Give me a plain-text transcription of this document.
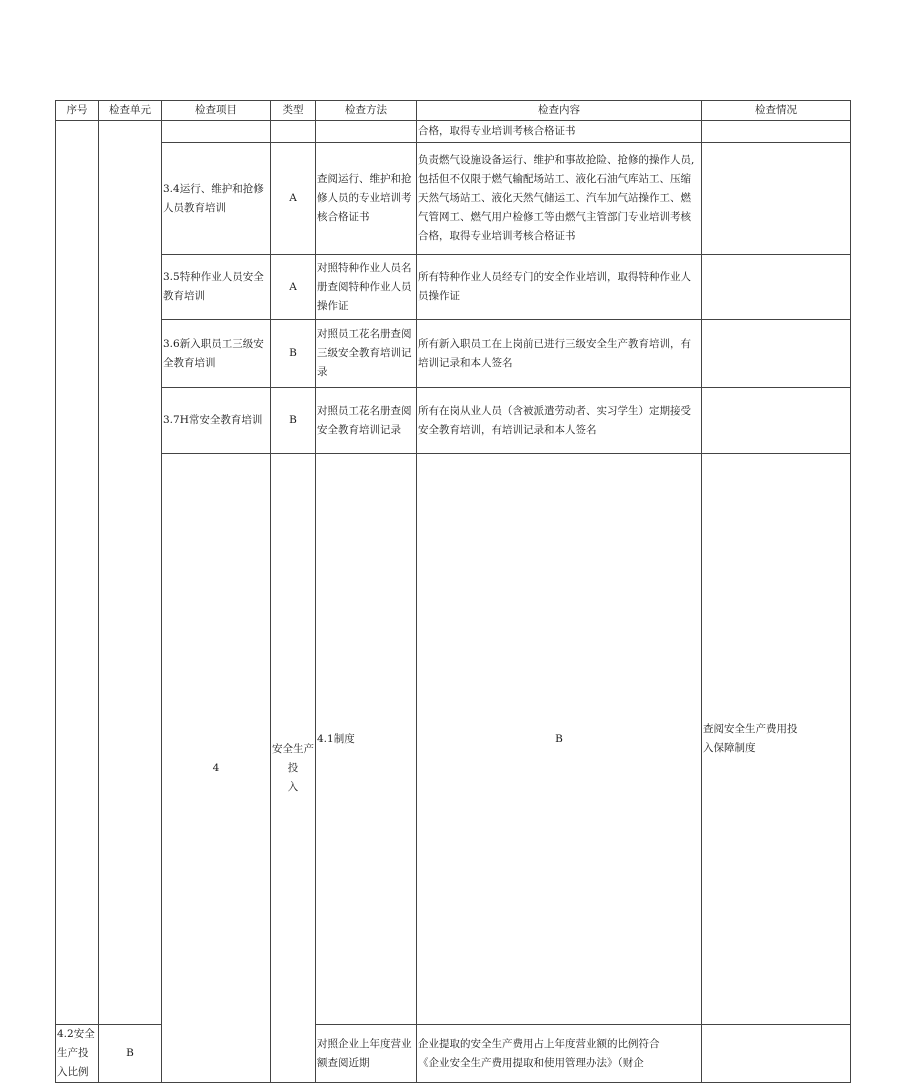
序号	检查单元	检查项目	类型	检查方法	检查内容	检查情况	
					合格，取得专业培训考核合格证书		
		3.4运行、维护和抢修
人员教育培训	A	查阅运行、维护和抢
修人员的专业培训考
核合格证书	负责燃气设施设备运行、维护和事故抢险、抢修的操作人员,
包括但不仅限于燃气输配场站工、液化石油气库站工、压缩
天然气场站工、液化天然气储运工、汽车加气站操作工、燃
气管网工、燃气用户检修工等由燃气主管部门专业培训考核
合格，取得专业培训考核合格证书		
		3.5特种作业人员安全
教育培训	A	对照特种作业人员名
册查阅特种作业人员
操作证	所有特种作业人员经专门的安全作业培训，取得特种作业人
员操作证		
		3.6新入职员工三级安
全教育培训	B	对照员工花名册查阅
三级安全教育培训记
录	所有新入职员工在上岗前已进行三级安全生产教育培训，有
培训记录和本人签名		
		3.7H常安全教育培训	B	对照员工花名册查阅
安全教育培训记录	所有在岗从业人员（含被派遣劳动者、实习学生）定期接受
安全教育培训，有培训记录和本人签名		
		4	安全生产投
入	4.1制度	B	查阅安全生产费用投
入保障制度		
4.2安全生产投入比例	B			对照企业上年度营业
额查阅近期	企业提取的安全生产费用占上年度营业额的比例符合
《企业安全生产费用提取和使用管理办法》（财企		
